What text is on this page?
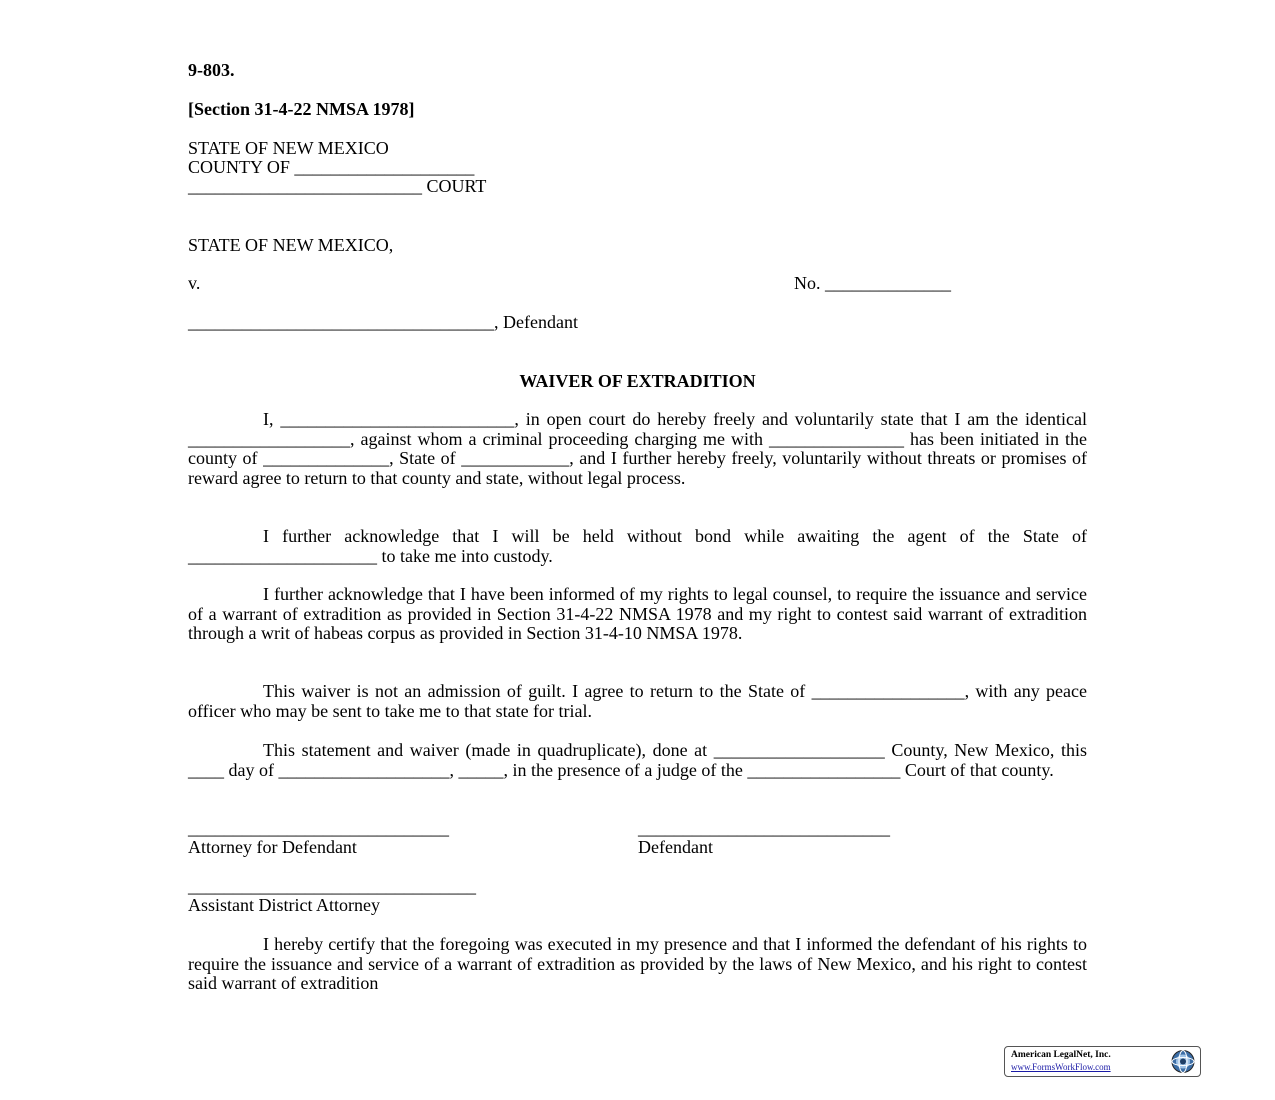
9-803.

[Section 31-4-22 NMSA 1978]

STATE OF NEW MEXICO

COUNTY OF ____________________

__________________________ COURT

STATE OF NEW MEXICO,

v.	No. ______________

__________________________________, Defendant

WAIVER OF EXTRADITION

I, __________________________, in open court do hereby freely and voluntarily state that I am the identical __________________, against whom a criminal proceeding charging me with _______________ has been initiated in the county of ______________, State of ____________, and I further hereby freely, voluntarily without threats or promises of reward agree to return to that county and state, without legal process.

I further acknowledge that I will be held without bond while awaiting the agent of the State of _____________________ to take me into custody.

I further acknowledge that I have been informed of my rights to legal counsel, to require the issuance and service of a warrant of extradition as provided in Section 31-4-22 NMSA 1978 and my right to contest said warrant of extradition through a writ of habeas corpus as provided in Section 31-4-10 NMSA 1978.

This waiver is not an admission of guilt. I agree to return to the State of _________________, with any peace officer who may be sent to take me to that state for trial.

This statement and waiver (made in quadruplicate), done at ___________________ County, New Mexico, this ____ day of ___________________, _____, in the presence of a judge of the _________________ Court of that county.

_____________________________

Attorney for Defendant

____________________________

Defendant

________________________________

Assistant District Attorney

I hereby certify that the foregoing was executed in my presence and that I informed the defendant of his rights to require the issuance and service of a warrant of extradition as provided by the laws of New Mexico, and his right to contest said warrant of extradition

American LegalNet, Inc.
www.FormsWorkFlow.com
